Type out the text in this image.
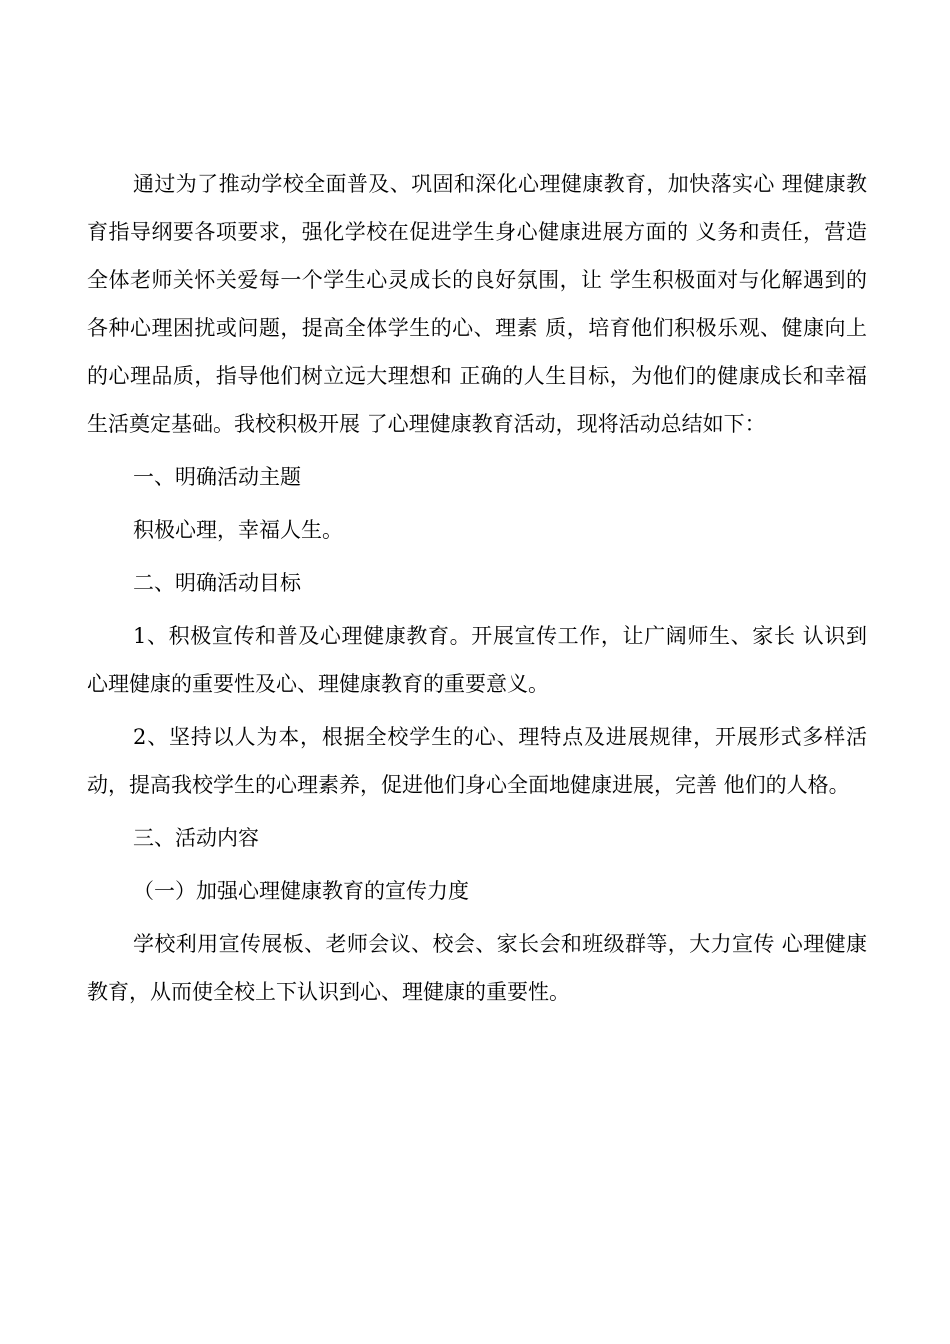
通过为了推动学校全面普及、巩固和深化心理健康教育，加快落实心 理健康教育指导纲要各项要求，强化学校在促进学生身心健康进展方面的 义务和责任，营造全体老师关怀关爱每一个学生心灵成长的良好氛围，让 学生积极面对与化解遇到的各种心理困扰或问题，提高全体学生的心、理素 质，培育他们积极乐观、健康向上的心理品质，指导他们树立远大理想和 正确的人生目标，为他们的健康成长和幸福生活奠定基础。我校积极开展 了心理健康教育活动，现将活动总结如下：

一、明确活动主题

积极心理，幸福人生。

二、明确活动目标

1、积极宣传和普及心理健康教育。开展宣传工作，让广阔师生、家长 认识到心理健康的重要性及心、理健康教育的重要意义。

2、坚持以人为本，根据全校学生的心、理特点及进展规律，开展形式多样活动，提高我校学生的心理素养，促进他们身心全面地健康进展，完善 他们的人格。

三、活动内容

（一）加强心理健康教育的宣传力度

学校利用宣传展板、老师会议、校会、家长会和班级群等，大力宣传 心理健康教育，从而使全校上下认识到心、理健康的重要性。
